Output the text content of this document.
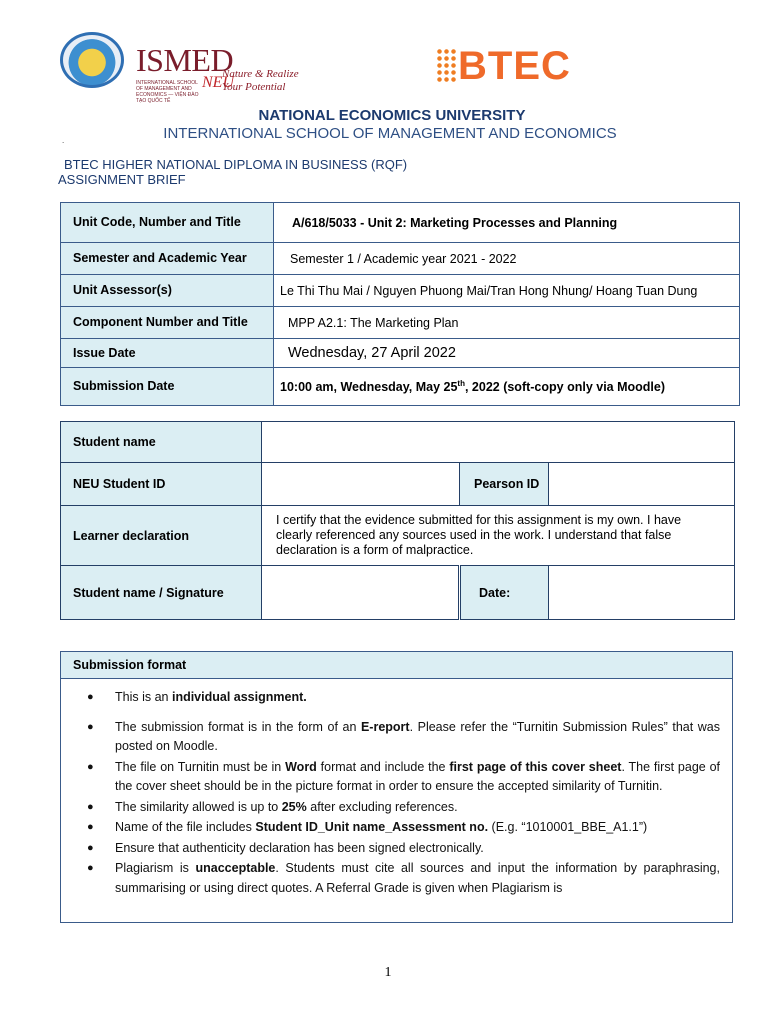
ISMED
NEU
INTERNATIONAL SCHOOL OF MANAGEMENT AND ECONOMICS — VIỆN ĐÀO TẠO QUỐC TẾ
Nature & Realize
Your Potential	BTEC
NATIONAL ECONOMICS UNIVERSITY
INTERNATIONAL SCHOOL OF MANAGEMENT AND ECONOMICS
.
BTEC HIGHER NATIONAL DIPLOMA IN BUSINESS (RQF)
ASSIGNMENT BRIEF
Unit Code, Number and Title	A/618/5033 - Unit 2: Marketing Processes and Planning
Semester and Academic Year	Semester 1 / Academic year 2021 - 2022
Unit Assessor(s)	Le Thi Thu Mai / Nguyen Phuong Mai/Tran Hong Nhung/ Hoang Tuan Dung
Component Number and Title	MPP A2.1: The Marketing Plan
Issue Date	Wednesday, 27 April 2022
Submission Date	10:00 am, Wednesday, May 25th, 2022 (soft-copy only via Moodle)
Student name			
NEU Student ID		Pearson ID	
Learner declaration	I certify that the evidence submitted for this assignment is my own. I have clearly referenced any sources used in the work. I understand that false declaration is a form of malpractice.		
Student name / Signature		Date:	
Submission format
● This is an individual assignment.
● The submission format is in the form of an E-report. Please refer the “Turnitin Submission Rules” that was posted on Moodle.
● The file on Turnitin must be in Word format and include the first page of this cover sheet. The first page of the cover sheet should be in the picture format in order to ensure the accepted similarity of Turnitin.
● The similarity allowed is up to 25% after excluding references.
● Name of the file includes Student ID_Unit name_Assessment no. (E.g. “1010001_BBE_A1.1”)
● Ensure that authenticity declaration has been signed electronically.
● Plagiarism is unacceptable. Students must cite all sources and input the information by paraphrasing, summarising or using direct quotes. A Referral Grade is given when Plagiarism is
1
